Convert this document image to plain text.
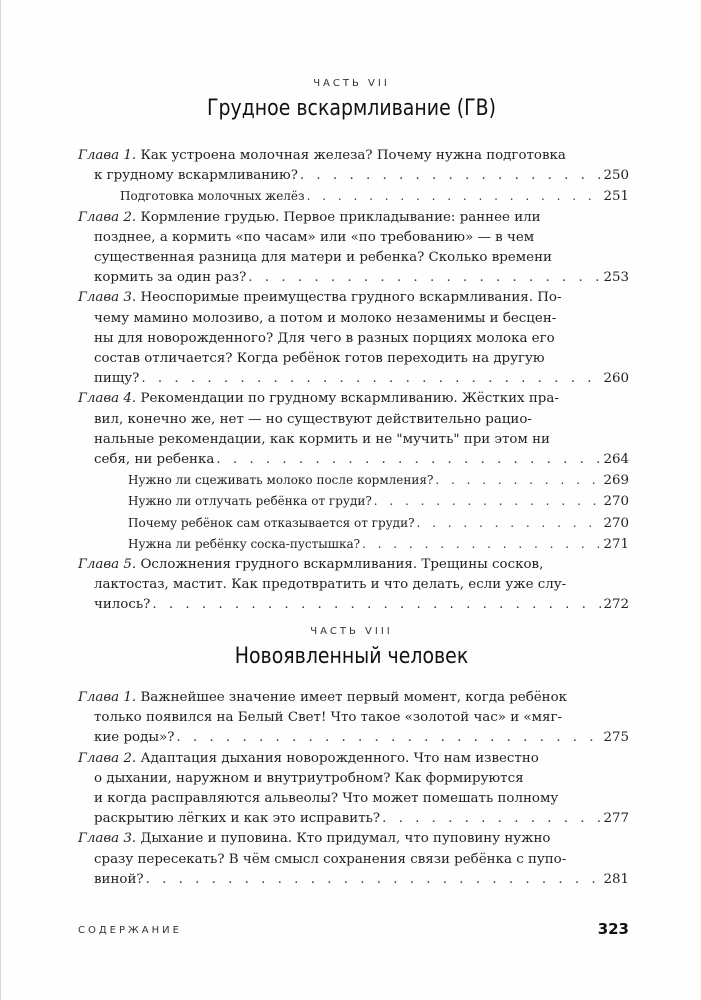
ЧАСТЬ VII
Грудное вскармливание (ГВ)

Глава 1. Как устроена молочная железа? Почему нужна подготовка

к грудному вскармливанию? . . .	250
Подготовка молочных желёз . . .	251

Глава 2. Кормление грудью. Первое прикладывание: раннее или

позднее, а кормить «по часам» или «по требованию» — в чем

существенная разница для матери и ребенка? Сколько времени

кормить за один раз? . . .	253

Глава 3. Неоспоримые преимущества грудного вскармливания. По-

чему мамино молозиво, а потом и молоко незаменимы и бесцен-

ны для новорожденного? Для чего в разных порциях молока его

состав отличается? Когда ребёнок готов переходить на другую

пищу? . . .	260

Глава 4. Рекомендации по грудному вскармливанию. Жёстких пра-

вил, конечно же, нет — но существуют действительно рацио-

нальные рекомендации, как кормить и не "мучить" при этом ни

себя, ни ребенка . . .	264
Нужно ли сцеживать молоко после кормления? . . .	269
Нужно ли отлучать ребёнка от груди? . . .	270
Почему ребёнок сам отказывается от груди? . . .	270
Нужна ли ребёнку соска-пустышка? . . .	271

Глава 5. Осложнения грудного вскармливания. Трещины сосков,

лактостаз, мастит. Как предотвратить и что делать, если уже слу-

чилось? . . .	272
ЧАСТЬ VIII
Новоявленный человек

Глава 1. Важнейшее значение имеет первый момент, когда ребёнок

только появился на Белый Свет! Что такое «золотой час» и «мяг-

кие роды»? . . .	275

Глава 2. Адаптация дыхания новорожденного. Что нам известно

о дыхании, наружном и внутриутробном? Как формируются

и когда расправляются альвеолы? Что может помешать полному

раскрытию лёгких и как это исправить? . . .	277

Глава 3. Дыхание и пуповина. Кто придумал, что пуповину нужно

сразу пересекать? В чём смысл сохранения связи ребёнка с пупо-

виной? . . .	281
СОДЕРЖАНИЕ	323
